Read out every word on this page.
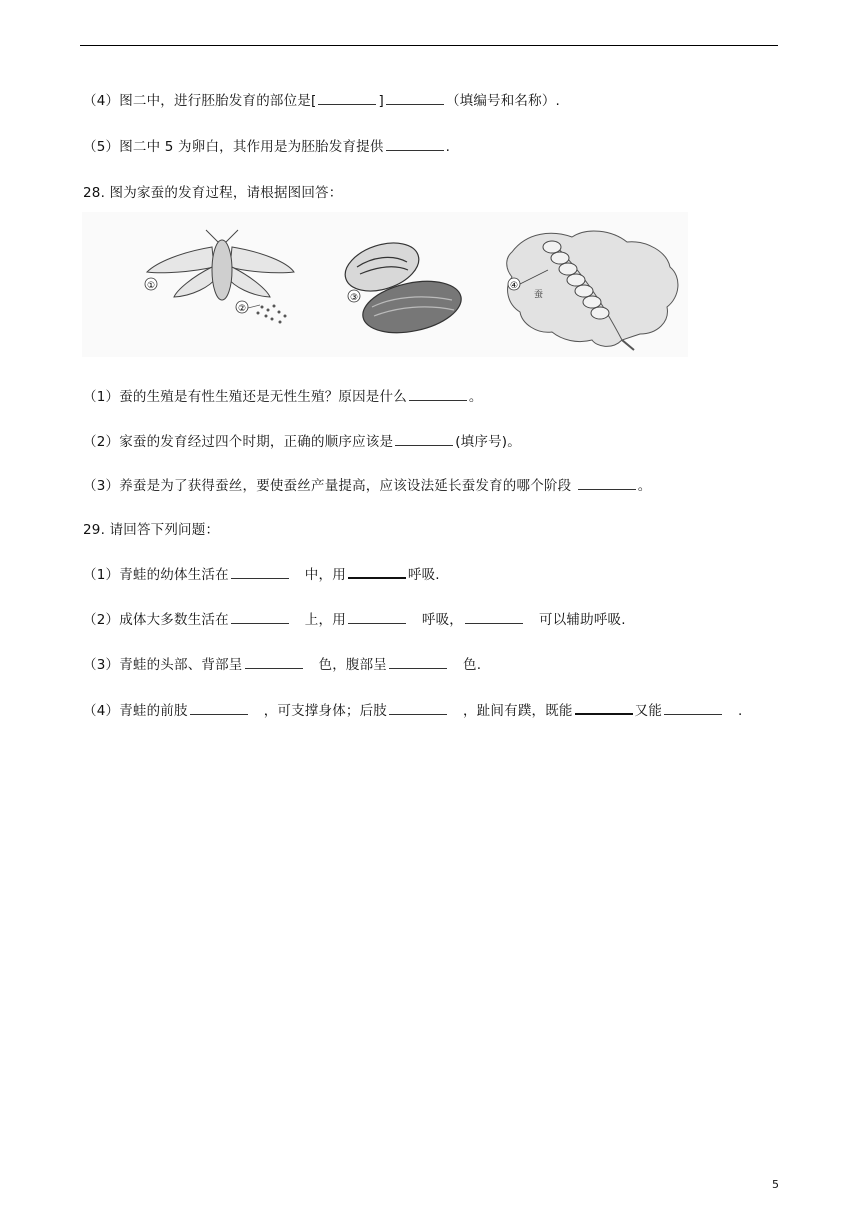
（4）图二中，进行胚胎发育的部位是[	]	（填编号和名称）.
（5）图二中 5 为卵白，其作用是为胚胎发育提供	.
28. 图为家蚕的发育过程，请根据图回答：
①
②
③	蚕
④
（1）蚕的生殖是有性生殖还是无性生殖？原因是什么	。
（2）家蚕的发育经过四个时期，正确的顺序应该是	(填序号)。
（3）养蚕是为了获得蚕丝，要使蚕丝产量提高，应该设法延长蚕发育的哪个阶段	。
29. 请回答下列问题：
（1）青蛙的幼体生活在	中，用	呼吸.
（2）成体大多数生活在	上，用	呼吸，	可以辅助呼吸.
（3）青蛙的头部、背部呈	色，腹部呈	色.
（4）青蛙的前肢	，可支撑身体；后肢	，趾间有蹼，既能	又能	.
5
